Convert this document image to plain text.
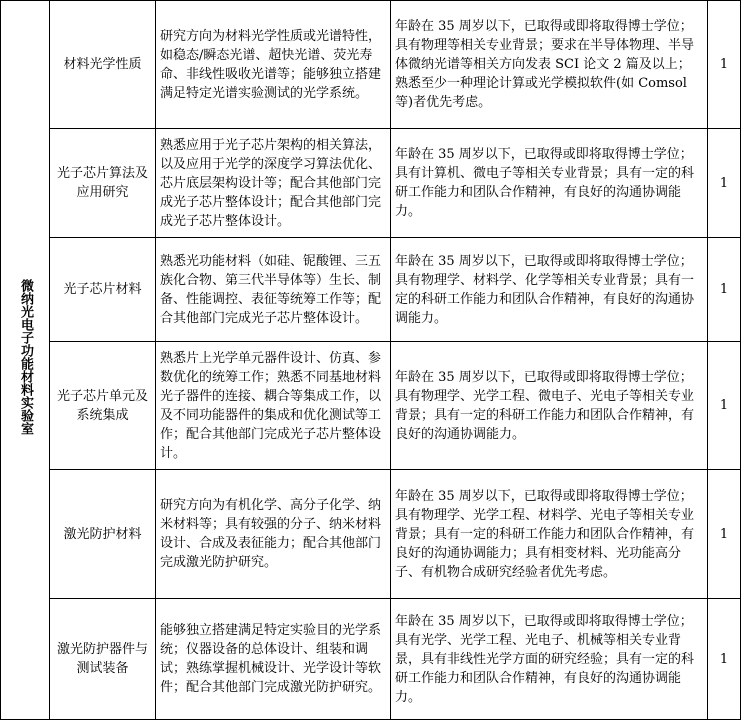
微纳光电子功能材料实验室	材料光学性质	研究方向为材料光学性质或光谱特性，如稳态/瞬态光谱、超快光谱、荧光寿命、非线性吸收光谱等；能够独立搭建满足特定光谱实验测试的光学系统。	年龄在 35 周岁以下，已取得或即将取得博士学位；具有物理等相关专业背景；要求在半导体物理、半导体微纳光谱等相关方向发表 SCI 论文 2 篇及以上；熟悉至少一种理论计算或光学模拟软件(如 Comsol 等)者优先考虑。	1
	光子芯片算法及应用研究	熟悉应用于光子芯片架构的相关算法，以及应用于光学的深度学习算法优化、芯片底层架构设计等；配合其他部门完成光子芯片整体设计；配合其他部门完成光子芯片整体设计。	年龄在 35 周岁以下，已取得或即将取得博士学位；具有计算机、微电子等相关专业背景；具有一定的科研工作能力和团队合作精神，有良好的沟通协调能力。	1
	光子芯片材料	熟悉光功能材料（如硅、铌酸锂、三五族化合物、第三代半导体等）生长、制备、性能调控、表征等统筹工作等；配合其他部门完成光子芯片整体设计。	年龄在 35 周岁以下，已取得或即将取得博士学位；具有物理学、材料学、化学等相关专业背景；具有一定的科研工作能力和团队合作精神，有良好的沟通协调能力。	1
	光子芯片单元及系统集成	熟悉片上光学单元器件设计、仿真、参数优化的统筹工作；熟悉不同基地材料光子器件的连接、耦合等集成工作，以及不同功能器件的集成和优化测试等工作；配合其他部门完成光子芯片整体设计。	年龄在 35 周岁以下，已取得或即将取得博士学位；具有物理学、光学工程、微电子、光电子等相关专业背景；具有一定的科研工作能力和团队合作精神，有良好的沟通协调能力。	1
	激光防护材料	研究方向为有机化学、高分子化学、纳米材料等；具有较强的分子、纳米材料设计、合成及表征能力；配合其他部门完成激光防护研究。	年龄在 35 周岁以下，已取得或即将取得博士学位；具有物理学、光学工程、材料学、光电子等相关专业背景；具有一定的科研工作能力和团队合作精神，有良好的沟通协调能力；具有相变材料、光功能高分子、有机物合成研究经验者优先考虑。	1
	激光防护器件与测试装备	能够独立搭建满足特定实验目的光学系统；仪器设备的总体设计、组装和调试；熟练掌握机械设计、光学设计等软件；配合其他部门完成激光防护研究。	年龄在 35 周岁以下，已取得或即将取得博士学位；具有光学、光学工程、光电子、机械等相关专业背景，具有非线性光学方面的研究经验；具有一定的科研工作能力和团队合作精神，有良好的沟通协调能力。	1
